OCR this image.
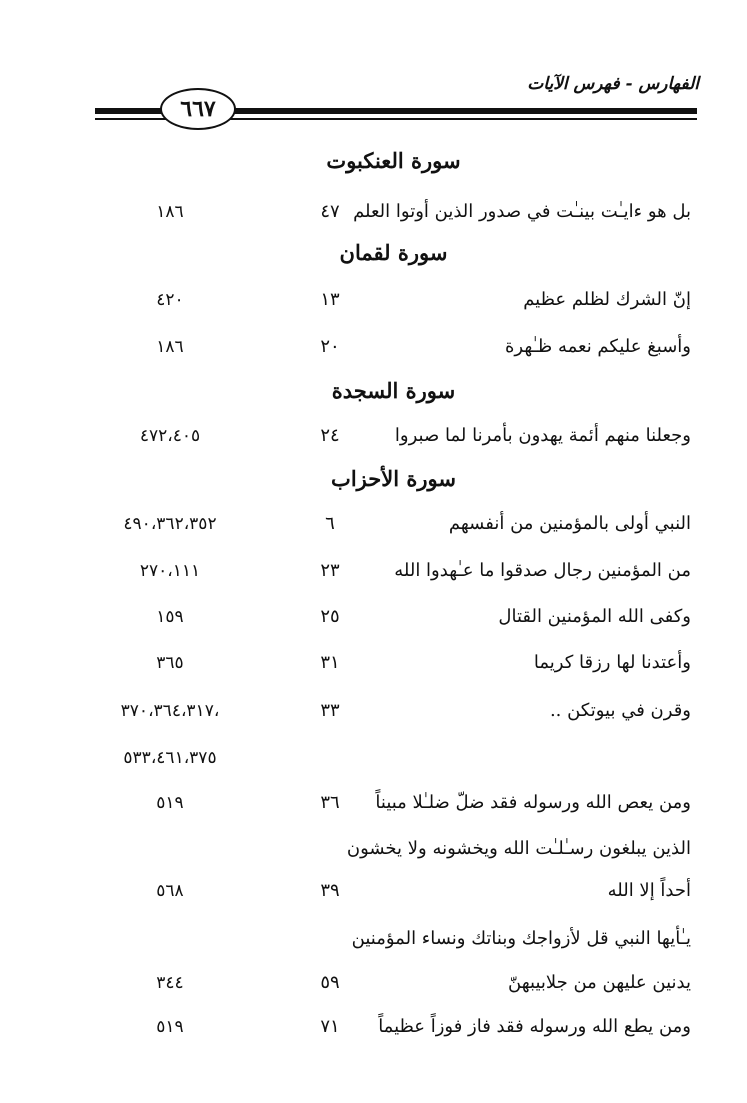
الفهارس - فهرس الآيات
٦٦٧
سورة العنكبوت
سورة لقمان
سورة السجدة
سورة الأحزاب
بل هو ءايـٰت بينـٰت في صدور الذين أوتوا العلم
٤٧
١٨٦
إنّ الشرك لظلم عظيم
١٣
٤٢٠
وأسبغ عليكم نعمه ظـٰهرة
٢٠
١٨٦
وجعلنا منهم أئمة يهدون بأمرنا لما صبروا
٢٤
٤٧٢،٤٠٥
النبي أولى بالمؤمنين من أنفسهم
٦
٤٩٠،٣٦٢،٣٥٢
من المؤمنين رجال صدقوا ما عـٰهدوا الله
٢٣
٢٧٠،١١١
وكفى الله المؤمنين القتال
٢٥
١٥٩
وأعتدنا لها رزقا كريما
٣١
٣٦٥
وقرن في بيوتكن ..
٣٣
،٣٧٠،٣٦٤،٣١٧
٥٣٣،٤٦١،٣٧٥
ومن يعص الله ورسوله فقد ضلّ ضلـٰلا مبيناً
٣٦
٥١٩
الذين يبلغون رسـٰلـٰت الله ويخشونه ولا يخشون
أحداً إلا الله
٣٩
٥٦٨
يـٰأيها النبي قل لأزواجك وبناتك ونساء المؤمنين
يدنين عليهن من جلابيبهنّ
٥٩
٣٤٤
ومن يطع الله ورسوله فقد فاز فوزاً عظيماً
٧١
٥١٩
